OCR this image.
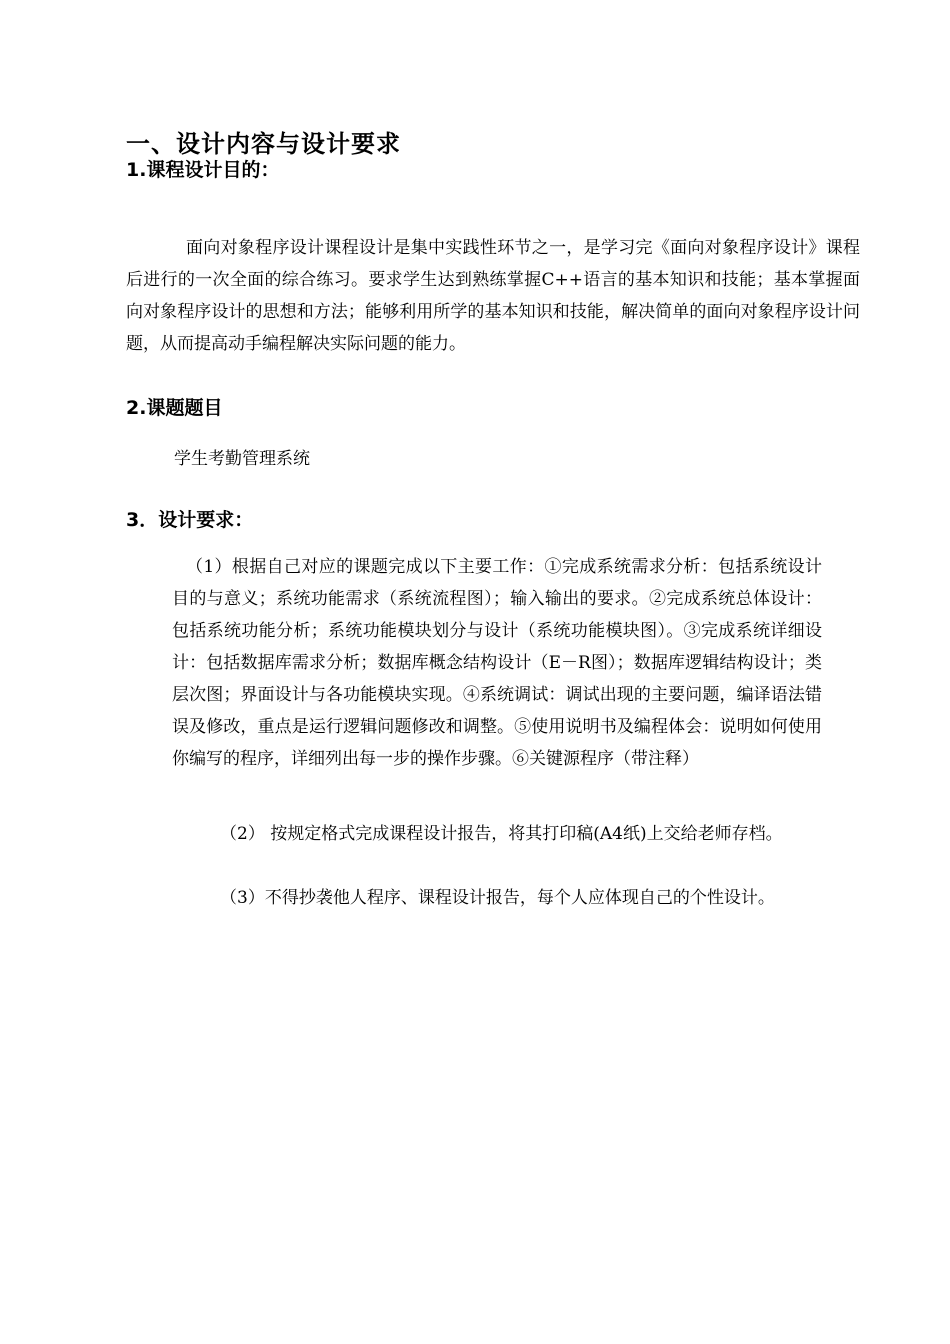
一、设计内容与设计要求
1.课程设计目的：
面向对象程序设计课程设计是集中实践性环节之一，是学习完《面向对象程序设计》课程后进行的一次全面的综合练习。要求学生达到熟练掌握C++语言的基本知识和技能；基本掌握面向对象程序设计的思想和方法；能够利用所学的基本知识和技能，解决简单的面向对象程序设计问题，从而提高动手编程解决实际问题的能力。
2.课题题目
学生考勤管理系统
3．设计要求：
（1）根据自己对应的课题完成以下主要工作：①完成系统需求分析：包括系统设计目的与意义；系统功能需求（系统流程图）；输入输出的要求。②完成系统总体设计：包括系统功能分析；系统功能模块划分与设计（系统功能模块图）。③完成系统详细设计：包括数据库需求分析；数据库概念结构设计（E－R图）；数据库逻辑结构设计；类层次图；界面设计与各功能模块实现。④系统调试：调试出现的主要问题，编译语法错误及修改，重点是运行逻辑问题修改和调整。⑤使用说明书及编程体会：说明如何使用你编写的程序，详细列出每一步的操作步骤。⑥关键源程序（带注释）
（2） 按规定格式完成课程设计报告，将其打印稿(A4纸)上交给老师存档。
（3）不得抄袭他人程序、课程设计报告，每个人应体现自己的个性设计。
